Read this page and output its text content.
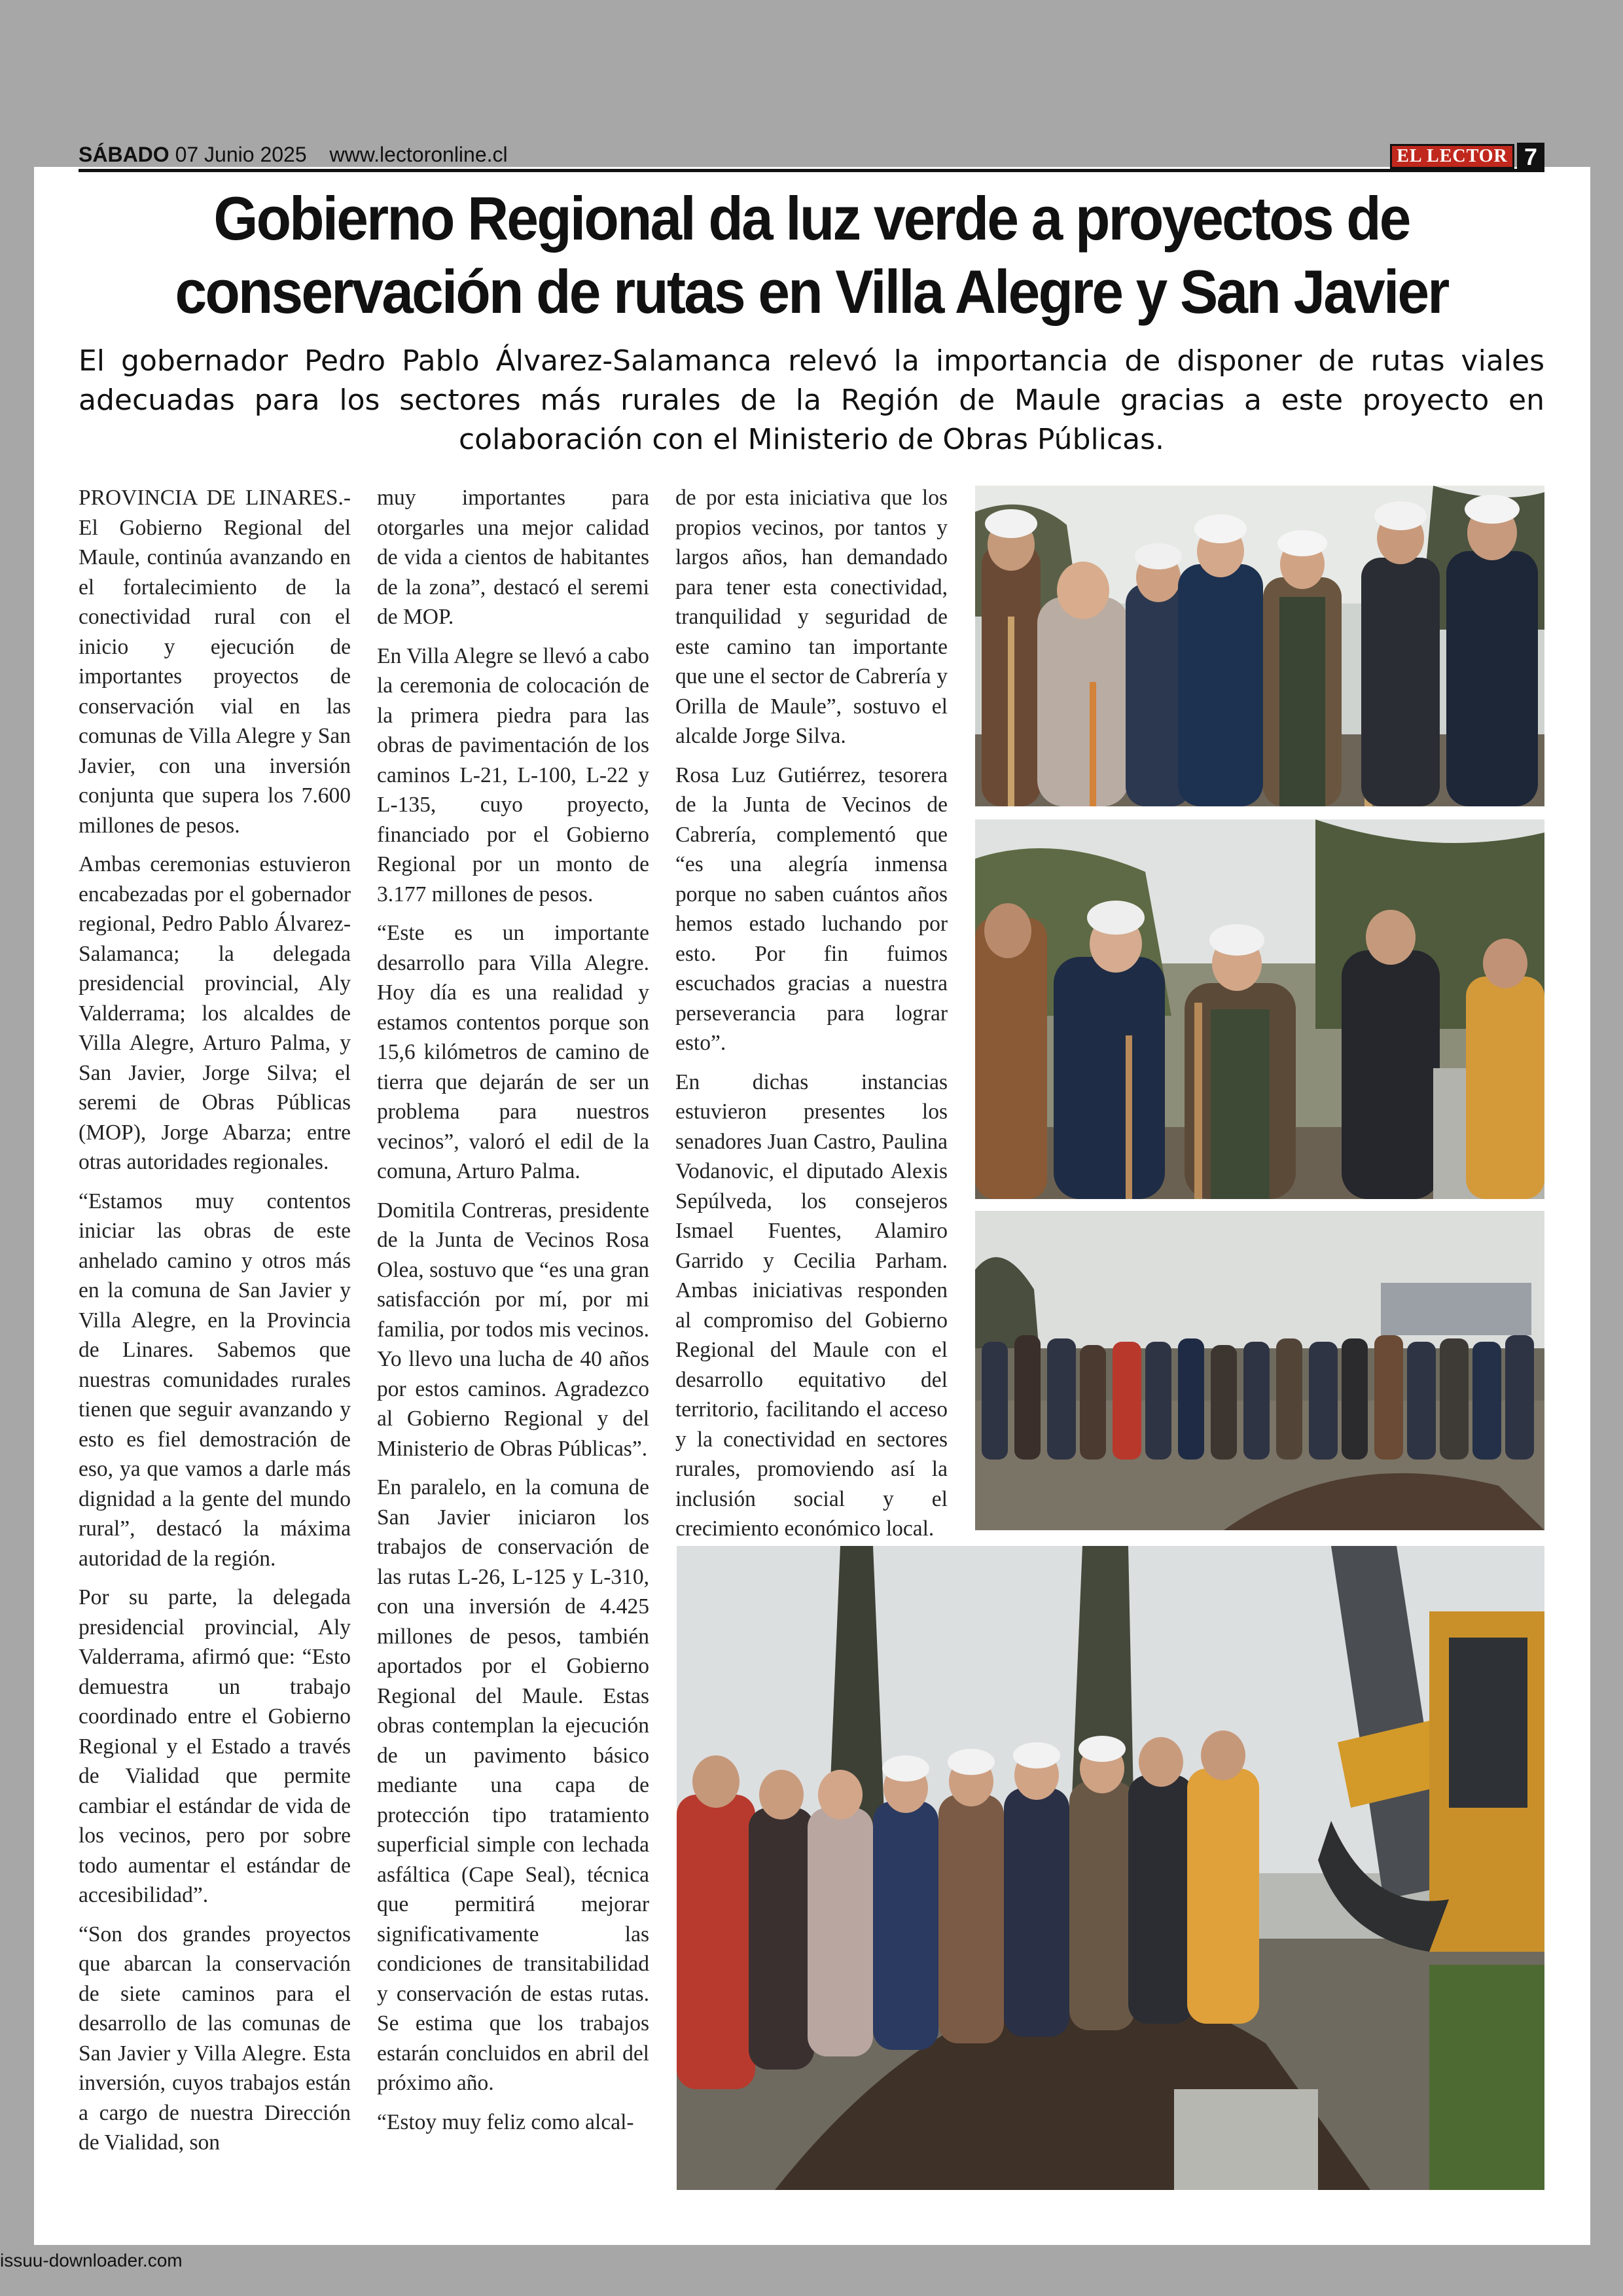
SÁBADO 07 Junio 2025 www.lectoronline.cl	EL LECTOR 7
Gobierno Regional da luz verde a proyectos de
conservación de rutas en Villa Alegre y San Javier
El gobernador Pedro Pablo Álvarez-Salamanca relevó la importancia de disponer de rutas viales adecuadas para los sectores más rurales de la Región de Maule gracias a este proyecto en colaboración con el Ministerio de Obras Públicas.

PROVINCIA DE LINARES.- El Gobierno Regional del Maule, continúa avanzando en el fortalecimiento de la conectividad rural con el inicio y ejecución de importantes proyectos de conservación vial en las comunas de Villa Alegre y San Javier, con una inversión conjunta que supera los 7.600 millones de pesos.

Ambas ceremonias estuvieron encabezadas por el gobernador regional, Pedro Pablo Álvarez-Salamanca; la delegada presidencial provincial, Aly Valderrama; los alcaldes de Villa Alegre, Arturo Palma, y San Javier, Jorge Silva; el seremi de Obras Públicas (MOP), Jorge Abarza; entre otras autoridades regionales.

“Estamos muy contentos iniciar las obras de este anhelado camino y otros más en la comuna de San Javier y Villa Alegre, en la Provincia de Linares. Sabemos que nuestras comunidades rurales tienen que seguir avanzando y esto es fiel demostración de eso, ya que vamos a darle más dignidad a la gente del mundo rural”, destacó la máxima autoridad de la región.

Por su parte, la delegada presidencial provincial, Aly Valderrama, afirmó que: “Esto demuestra un trabajo coordinado entre el Gobierno Regional y el Estado a través de Vialidad que permite cambiar el estándar de vida de los vecinos, pero por sobre todo aumentar el estándar de accesibilidad”.

“Son dos grandes proyectos que abarcan la conservación de siete caminos para el desarrollo de las comunas de San Javier y Villa Alegre. Esta inversión, cuyos trabajos están a cargo de nuestra Dirección de Vialidad, son

muy importantes para otorgarles una mejor calidad de vida a cientos de habitantes de la zona”, destacó el seremi de MOP.

En Villa Alegre se llevó a cabo la ceremonia de colocación de la primera piedra para las obras de pavimentación de los caminos L-21, L-100, L-22 y L-135, cuyo proyecto, financiado por el Gobierno Regional por un monto de 3.177 millones de pesos.

“Este es un importante desarrollo para Villa Alegre. Hoy día es una realidad y estamos contentos porque son 15,6 kilómetros de camino de tierra que dejarán de ser un problema para nuestros vecinos”, valoró el edil de la comuna, Arturo Palma.

Domitila Contreras, presidente de la Junta de Vecinos Rosa Olea, sostuvo que “es una gran satisfacción por mí, por mi familia, por todos mis vecinos. Yo llevo una lucha de 40 años por estos caminos. Agradezco al Gobierno Regional y del Ministerio de Obras Públicas”.

En paralelo, en la comuna de San Javier iniciaron los trabajos de conservación de las rutas L-26, L-125 y L-310, con una inversión de 4.425 millones de pesos, también aportados por el Gobierno Regional del Maule. Estas obras contemplan la ejecución de un pavimento básico mediante una capa de protección tipo tratamiento superficial simple con lechada asfáltica (Cape Seal), técnica que permitirá mejorar significativamente las condiciones de transitabilidad y conservación de estas rutas. Se estima que los trabajos estarán concluidos en abril del próximo año.

“Estoy muy feliz como alcal-

de por esta iniciativa que los propios vecinos, por tantos y largos años, han demandado para tener esta conectividad, tranquilidad y seguridad de este camino tan importante que une el sector de Cabrería y Orilla de Maule”, sostuvo el alcalde Jorge Silva.

Rosa Luz Gutiérrez, tesorera de la Junta de Vecinos de Cabrería, complementó que “es una alegría inmensa porque no saben cuántos años hemos estado luchando por esto. Por fin fuimos escuchados gracias a nuestra perseverancia para lograr esto”.

En dichas instancias estuvieron presentes los senadores Juan Castro, Paulina Vodanovic, el diputado Alexis Sepúlveda, los consejeros Ismael Fuentes, Alamiro Garrido y Cecilia Parham. Ambas iniciativas responden al compromiso del Gobierno Regional del Maule con el desarrollo equitativo del territorio, facilitando el acceso y la conectividad en sectores rurales, promoviendo así la inclusión social y el crecimiento económico local.

issuu-downloader.com
